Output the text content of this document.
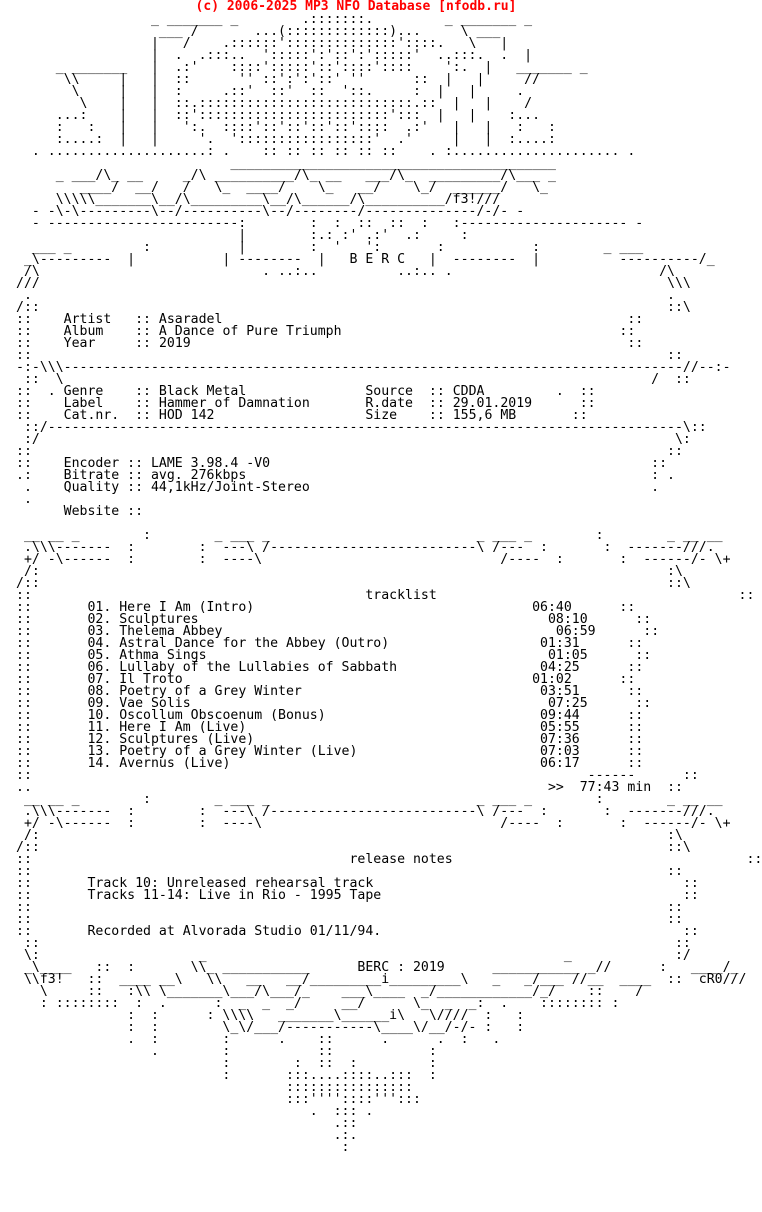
(c) 2006-2025 MP3 NFO Database [nfodb.ru]
_ _______ _        .:::::::.         _ _______ _
___ /       ...(:::::::::::::)...     \ ___
|   /    .::::::'::::::::::::::'::::.   \   |
|  .  .:::..  ':::::':'::':':::::'  ..:::.  .  |
_ _______   |  .:'    ::::':::::'::'::::'::::    ':.  |   _______ _
\\     |   |  ::      '' ::':':'::' ''      ::  |   |     //
\     |   |  :     .::'  ::'  ::  '::.     :  |   |     .
\    |   |  ::.:::::::::::::::::::::::::::.::  |   |    /
...:    |   |  ::'::::::::::::::::::::::::':::  |   |    :...
:   :   |   |   ':.  ::::'::'::'::'::'::::  .:'   |   |   :   :
:....:  |   |     '.  ':::::::::::::::::'  .'     |   |  :....:
. ....................: .    :: :: :: :: :: ::    . :..................... .
_________________________________________
_ ___/\_ __     _/\ __________/\_ __   ___/\_  _________/\___ _
____/  __/   /   \_  ____/    \_   __/    \_/  ______/   \_
\\\\\_______\__/\_________\__/\______/\__________/f3!///
- -\-\---------\--/----------\--/--------/--------------/-/- -
- ------------------------:        :  :  ::  ::  :   :--------------------- -
|        :.: :' .:'  .:     :
___ _         :           |        :  '   ':       :           :        _ ___
_\---------  |           | --------  |   B E R C   |  --------  |          ----------/_
/\                            . ..:..          ..:.. .                          /\
///                                                                               \\\
.                                                                                .
/::                                                                               ::\
::    Artist   :: Asaradel	::
::    Album    :: A Dance of Pure Triumph	::
::    Year     :: 2019	::
::                                                                                ::
-:-\\\------------------------------------------------------------------------------//--:-
::  \                                                                          /  ::
::  . Genre    :: Black Metal	Source  :: CDDA	.  ::
::    Label    :: Hammer of Damnation	R.date  :: 29.01.2019	::
::    Cat.nr.  :: HOD 142	Size    :: 155,6 MB	::
::/--------------------------------------------------------------------------------\::
:/                                                                                \:
::                                                                                ::
::    Encoder :: LAME 3.98.4 -V0	::
.:    Bitrate :: avg. 276kbps	: .
.    Quality :: 44,1kHz/Joint-Stereo	.
.
Website ::

__ __ _        :        _ ___ _                          _ ___ _        :        _ __ __
.\\\-------  :        :  ---\ /--------------------------\ /---  :       :  -------///.
+/ -\------  :        :  ----\                              /----  :       :  ------/- \+
/:                                                                               :\
/::                                                                               ::\
::	tracklist	::
::	01. Here I Am (Intro)	06:40	::
::	02. Sculptures	08:10	::
::	03. Thelema Abbey	06:59	::
::	04. Astral Dance for the Abbey (Outro)	01:31	::
::	05. Athma Sings	01:05	::
::	06. Lullaby of the Lullabies of Sabbath	04:25	::
::	07. Il Troto	01:02	::
::	08. Poetry of a Grey Winter	03:51	::
::	09. Vae Solis	07:25	::
::	10. Oscollum Obscoenum (Bonus)	09:44	::
::	11. Here I Am (Live)	05:55	::
::	12. Sculptures (Live)	07:36	::
::	13. Poetry of a Grey Winter (Live)	07:03	::
::	14. Avernus (Live)	06:17	::
::                                                                      ------      ::
..                                                                 >>  77:43 min  ::
__ __ _        :        _ ___ _                          _ ___ _        :        _ __ __
.\\\-------  :        :  ---\ /--------------------------\ /---  :       :  -------///.
+/ -\------  :        :  ----\                              /----  :       :  ------/- \+
/:                                                                               :\
/::                                                                               ::\
::	release notes	::
::                                                                                ::
::	Track 10: Unreleased rehearsal track	::
::	Tracks 11-14: Live in Rio - 1995 Tape	::
::                                                                                ::
::                                                                                ::
::	Recorded at Alvorada Studio 01/11/94.	::
::                                                                                ::
\:                    _                                             _             :/
_\____   ::  :       \\_ ___________      BERC : 2019      ___________ _//      :   ____/_
\\f3!   ::  ____ __\   \\   __   __/_________i_________\   _   _/___ //__  ____  ::  cR0///
\     ::   :\\ \_______\___/\___/_    ___\____  _/____________/_/    ::    /
: ::::::::  :  .      :  _  _  _/     __/      \_  _  _:  .    :::::::: :
:  :      : \\\\   _______\______i\   \////  :   :
:  :        \_\/___/-----------\____\/__/-/- :   :
.  :        :      .    ::      .      .  :   .
.        :           ::            :
:        :  ::  :         :
:       :::....::::..:::  :
::::::::::::::::
:::''''::::''':::
.  ::: .
.::
.:.
:
